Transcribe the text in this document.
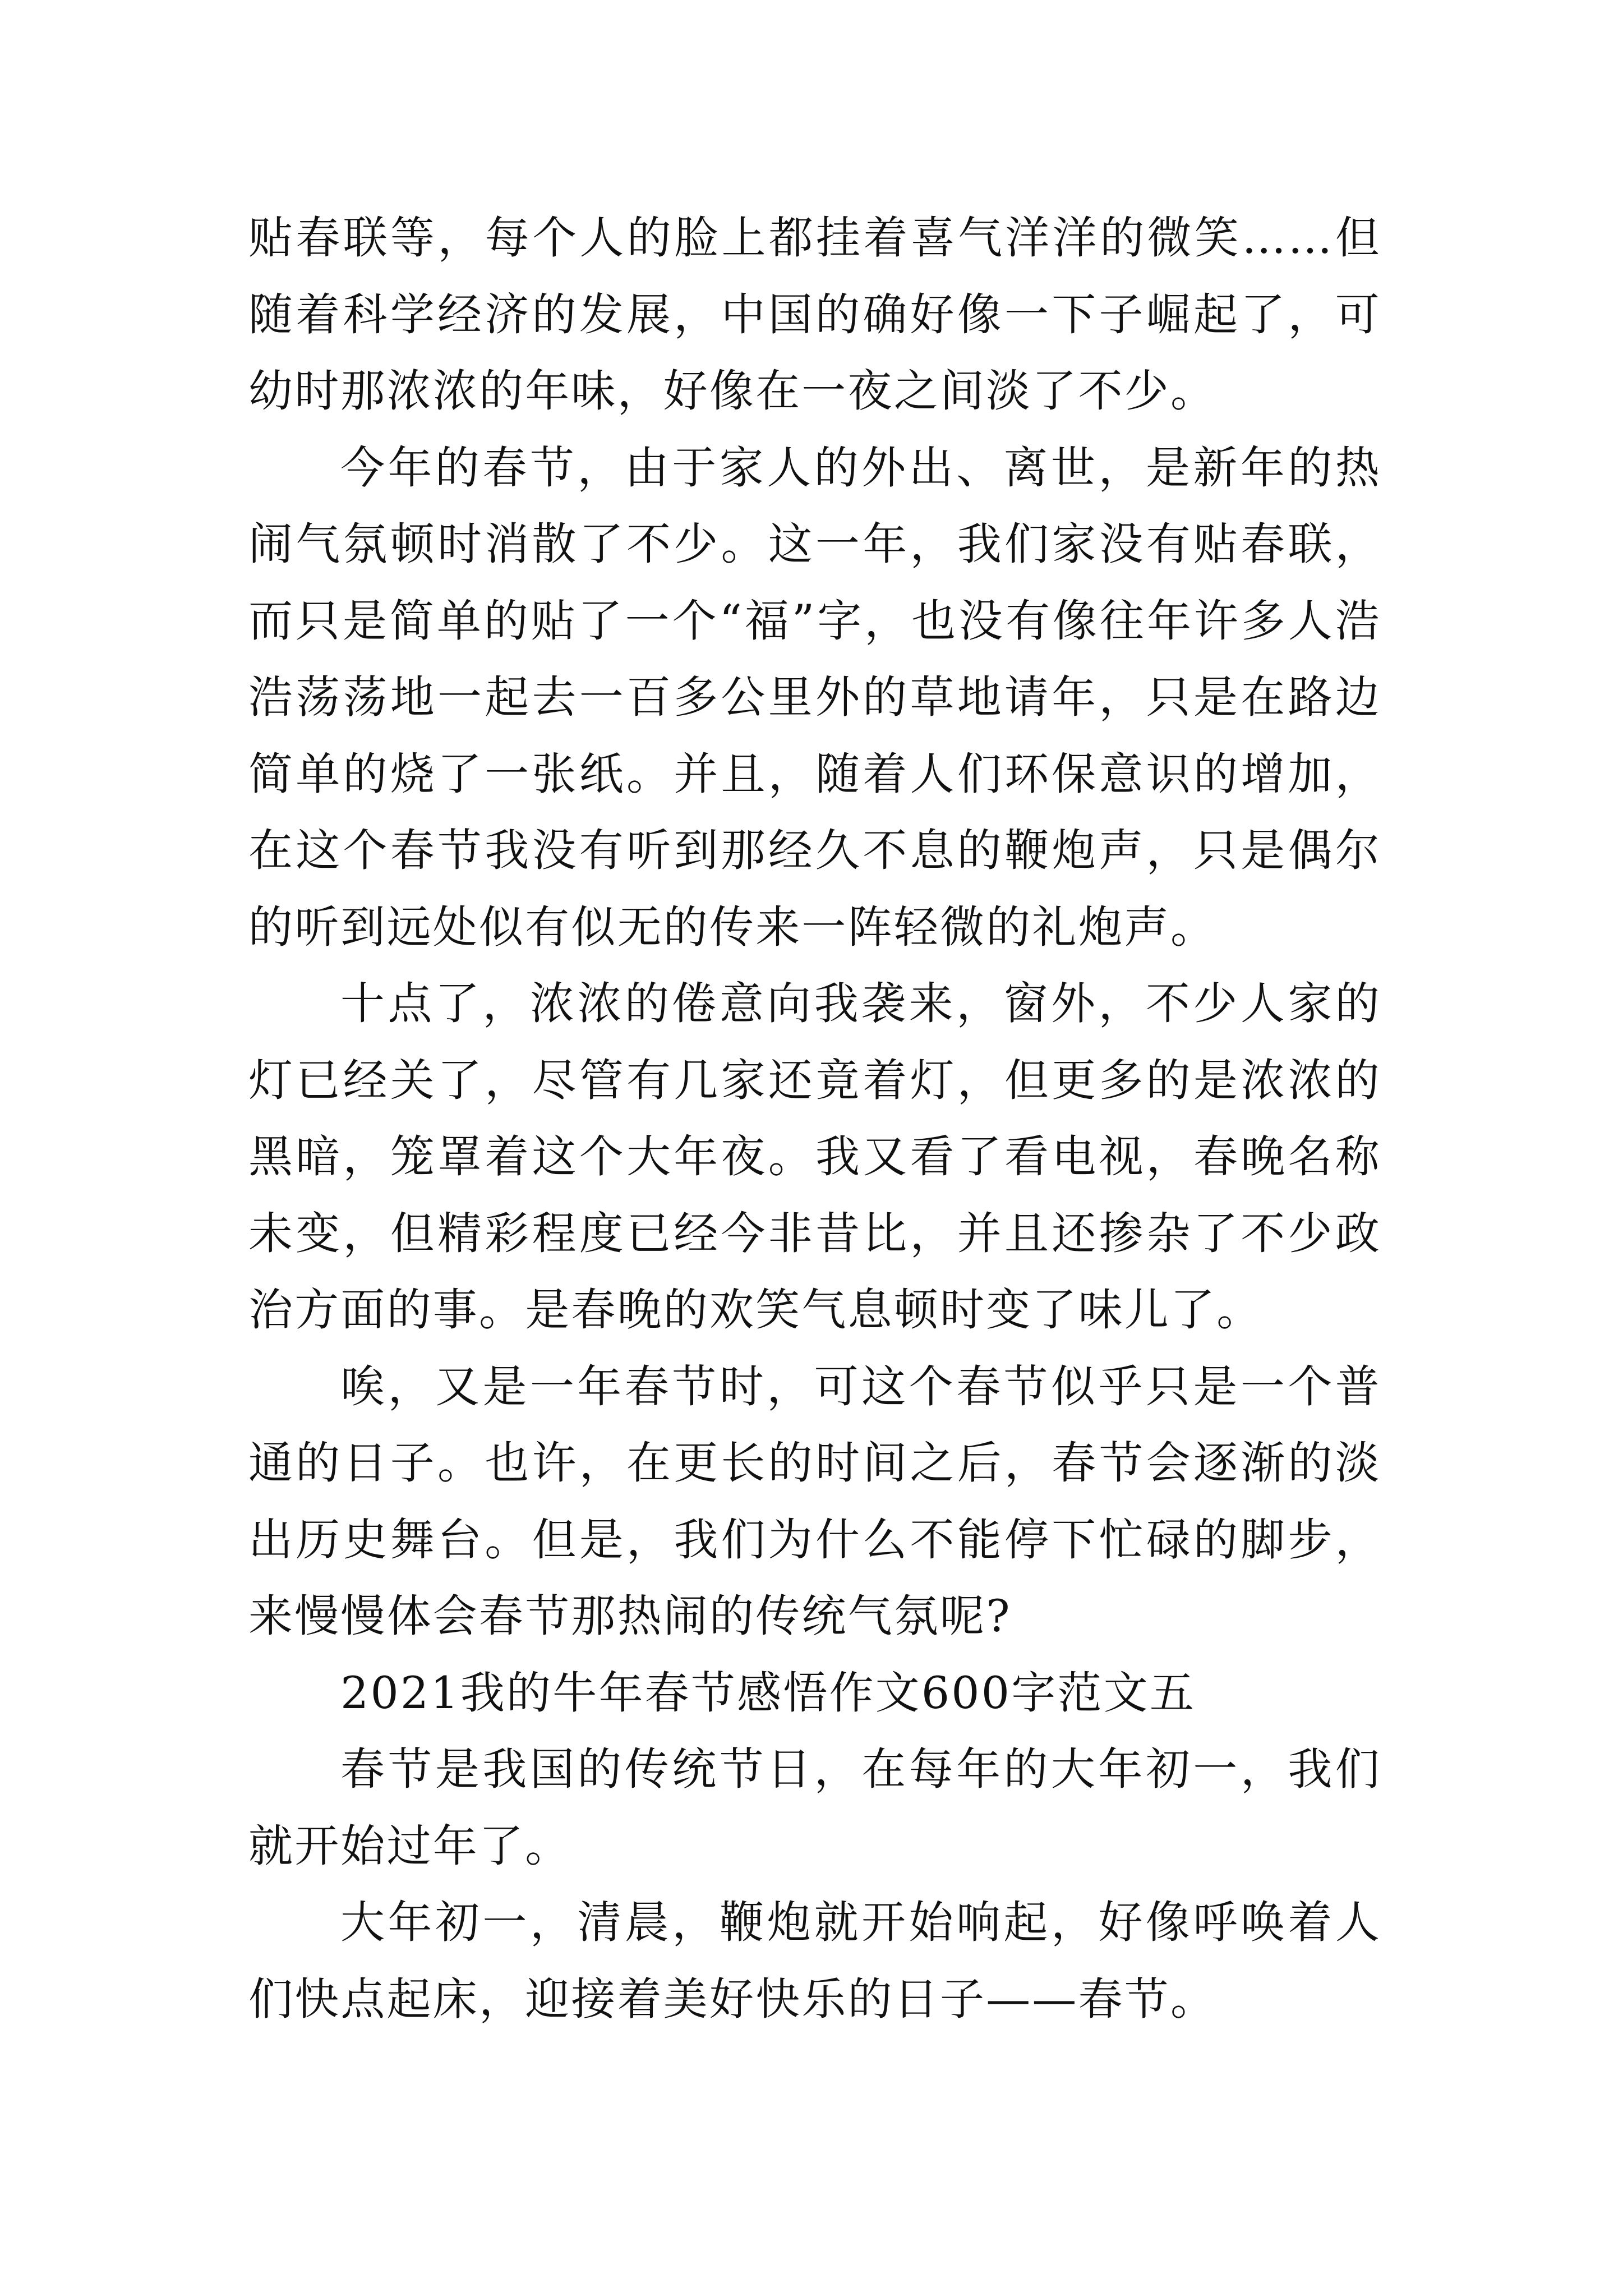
贴春联等，每个人的脸上都挂着喜气洋洋的微笑……但随着科学经济的发展，中国的确好像一下子崛起了，可幼时那浓浓的年味，好像在一夜之间淡了不少。

今年的春节，由于家人的外出、离世，是新年的热闹气氛顿时消散了不少。这一年，我们家没有贴春联，而只是简单的贴了一个“福”字，也没有像往年许多人浩浩荡荡地一起去一百多公里外的草地请年，只是在路边简单的烧了一张纸。并且，随着人们环保意识的增加，在这个春节我没有听到那经久不息的鞭炮声，只是偶尔的听到远处似有似无的传来一阵轻微的礼炮声。

十点了，浓浓的倦意向我袭来，窗外，不少人家的灯已经关了，尽管有几家还竟着灯，但更多的是浓浓的黑暗，笼罩着这个大年夜。我又看了看电视，春晚名称未变，但精彩程度已经今非昔比，并且还掺杂了不少政治方面的事。是春晚的欢笑气息顿时变了味儿了。

唉，又是一年春节时，可这个春节似乎只是一个普通的日子。也许，在更长的时间之后，春节会逐渐的淡出历史舞台。但是，我们为什么不能停下忙碌的脚步，来慢慢体会春节那热闹的传统气氛呢?

2021我的牛年春节感悟作文600字范文五

春节是我国的传统节日，在每年的大年初一，我们就开始过年了。

大年初一，清晨，鞭炮就开始响起，好像呼唤着人们快点起床，迎接着美好快乐的日子——春节。
